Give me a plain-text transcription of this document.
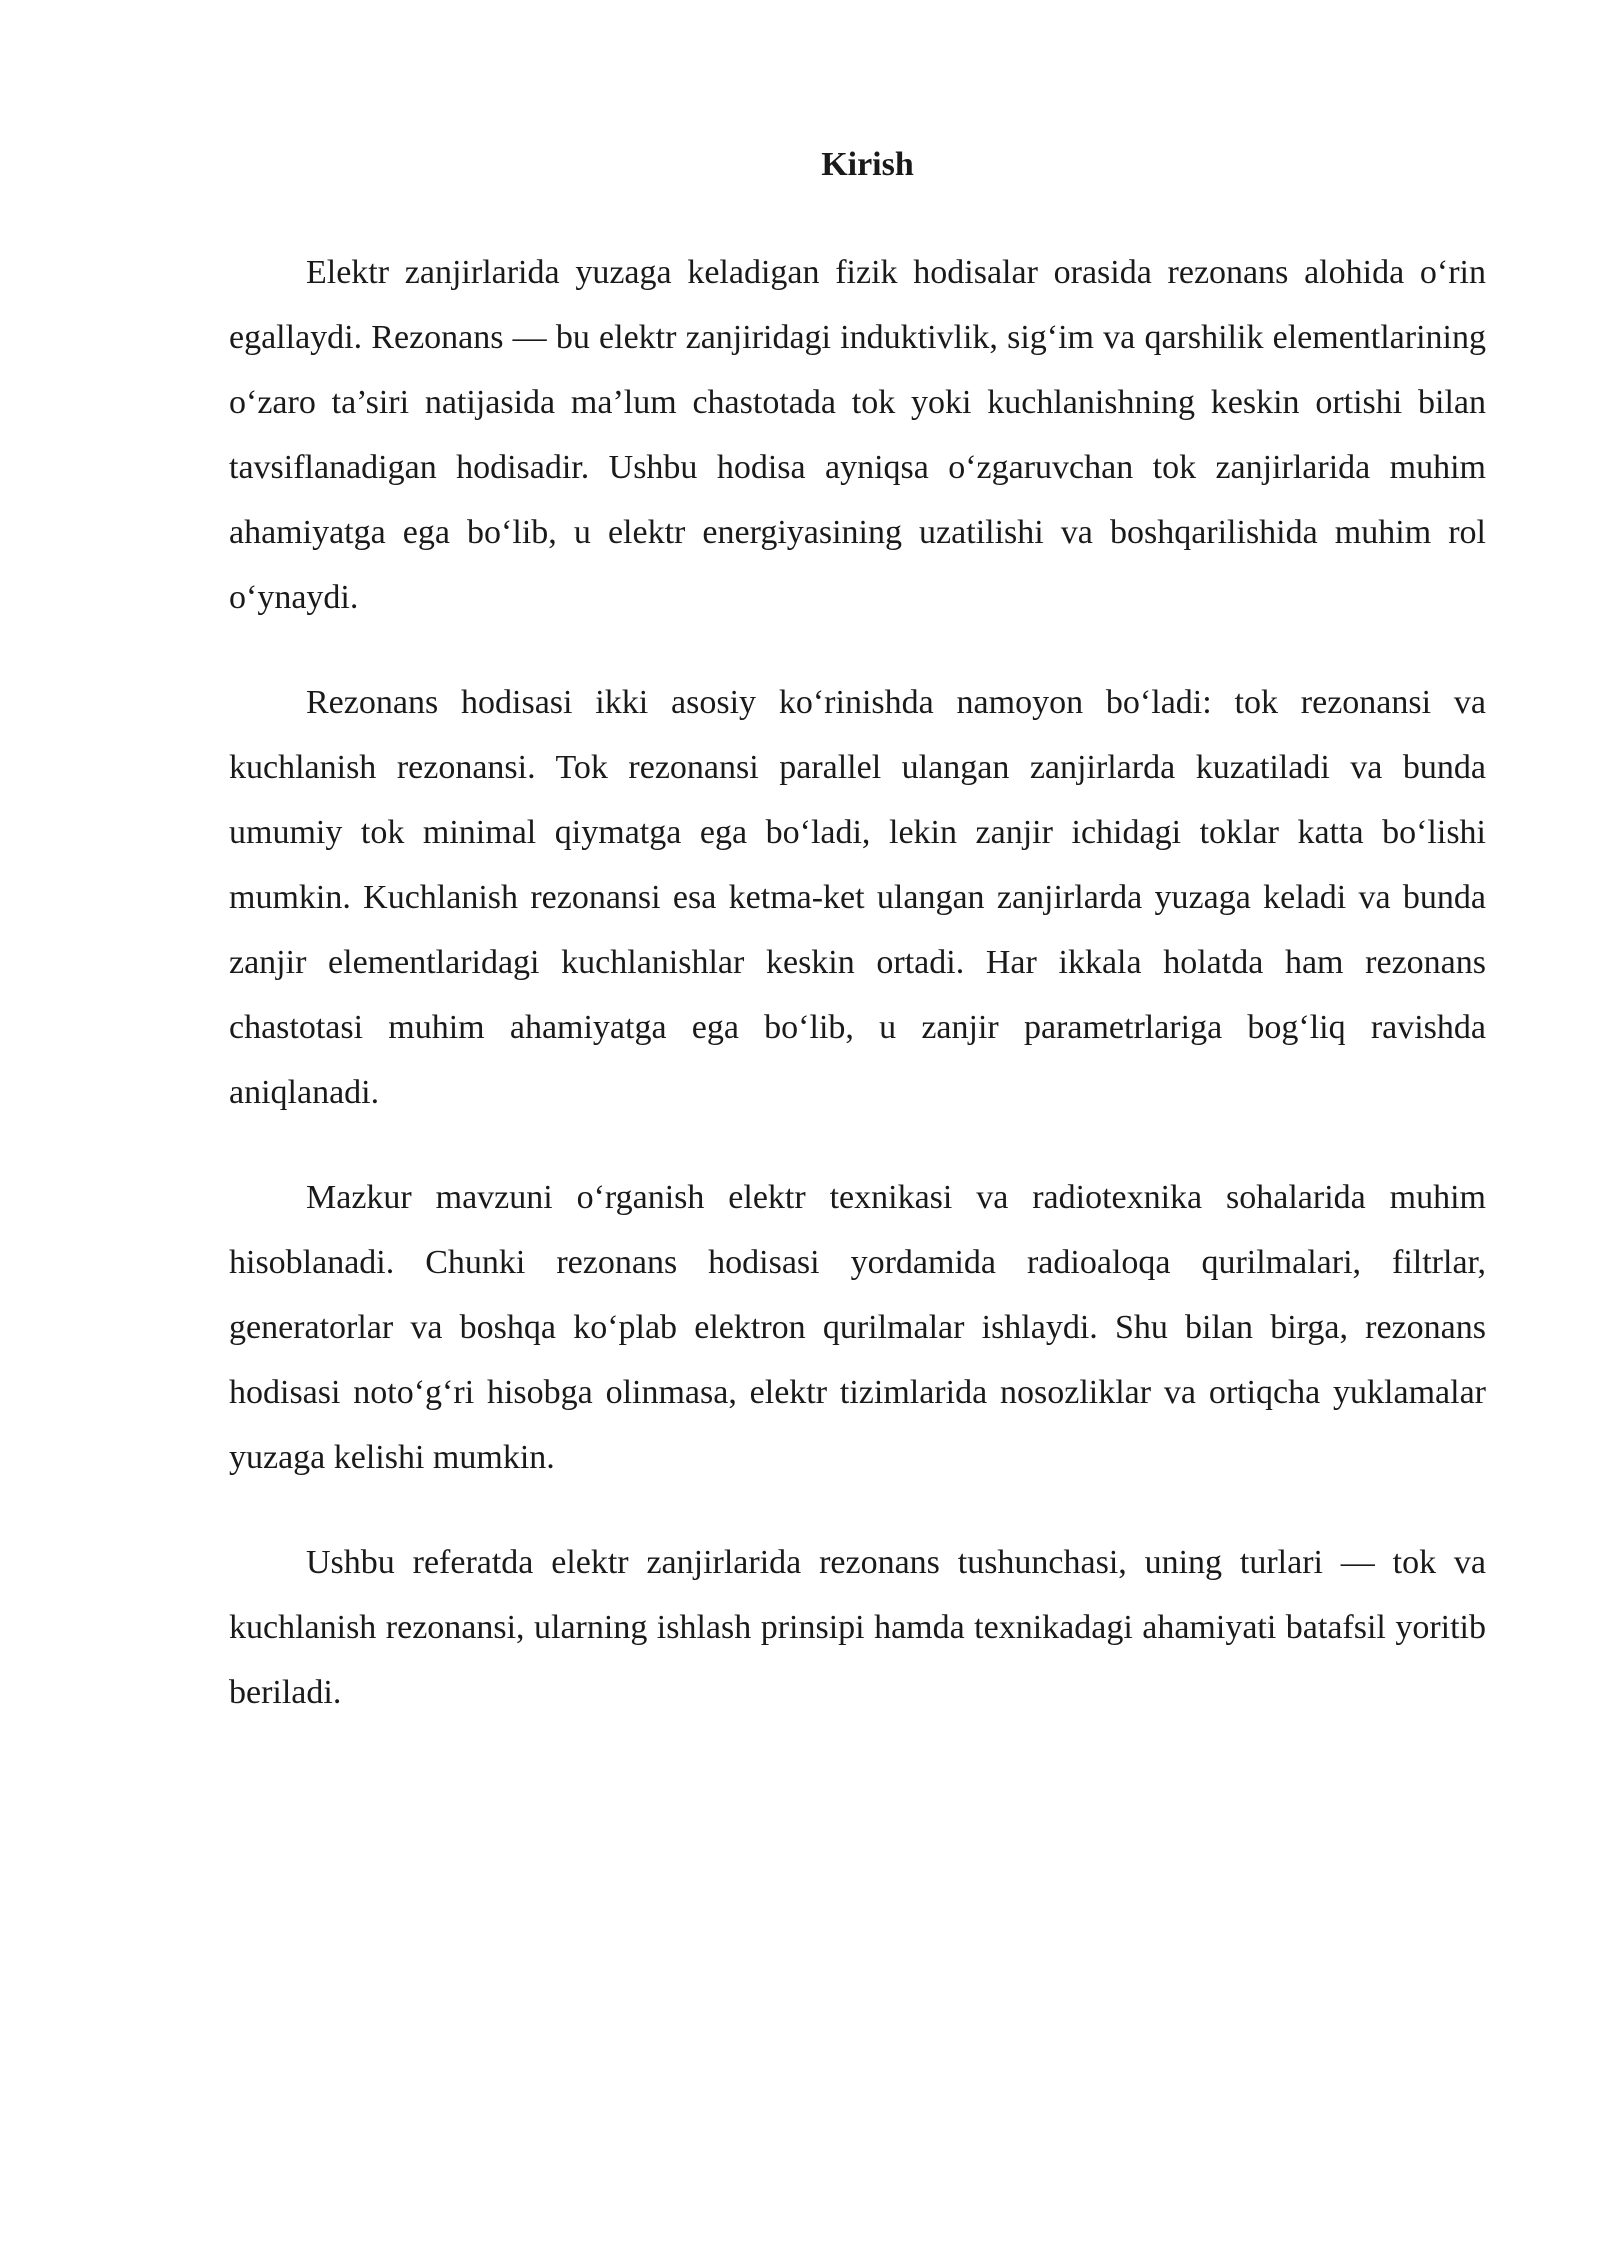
Kirish

Elektr zanjirlarida yuzaga keladigan fizik hodisalar orasida rezonans alohida o‘rin egallaydi. Rezonans — bu elektr zanjiridagi induktivlik, sig‘im va qarshilik elementlarining o‘zaro ta’siri natijasida ma’lum chastotada tok yoki kuchlanishning keskin ortishi bilan tavsiflanadigan hodisadir. Ushbu hodisa ayniqsa o‘zgaruvchan tok zanjirlarida muhim ahamiyatga ega bo‘lib, u elektr energiyasining uzatilishi va boshqarilishida muhim rol o‘ynaydi.

Rezonans hodisasi ikki asosiy ko‘rinishda namoyon bo‘ladi: tok rezonansi va kuchlanish rezonansi. Tok rezonansi parallel ulangan zanjirlarda kuzatiladi va bunda umumiy tok minimal qiymatga ega bo‘ladi, lekin zanjir ichidagi toklar katta bo‘lishi mumkin. Kuchlanish rezonansi esa ketma-ket ulangan zanjirlarda yuzaga keladi va bunda zanjir elementlaridagi kuchlanishlar keskin ortadi. Har ikkala holatda ham rezonans chastotasi muhim ahamiyatga ega bo‘lib, u zanjir parametrlariga bog‘liq ravishda aniqlanadi.

Mazkur mavzuni o‘rganish elektr texnikasi va radiotexnika sohalarida muhim hisoblanadi. Chunki rezonans hodisasi yordamida radioaloqa qurilmalari, filtrlar, generatorlar va boshqa ko‘plab elektron qurilmalar ishlaydi. Shu bilan birga, rezonans hodisasi noto‘g‘ri hisobga olinmasa, elektr tizimlarida nosozliklar va ortiqcha yuklamalar yuzaga kelishi mumkin.

Ushbu referatda elektr zanjirlarida rezonans tushunchasi, uning turlari — tok va kuchlanish rezonansi, ularning ishlash prinsipi hamda texnikadagi ahamiyati batafsil yoritib beriladi.
